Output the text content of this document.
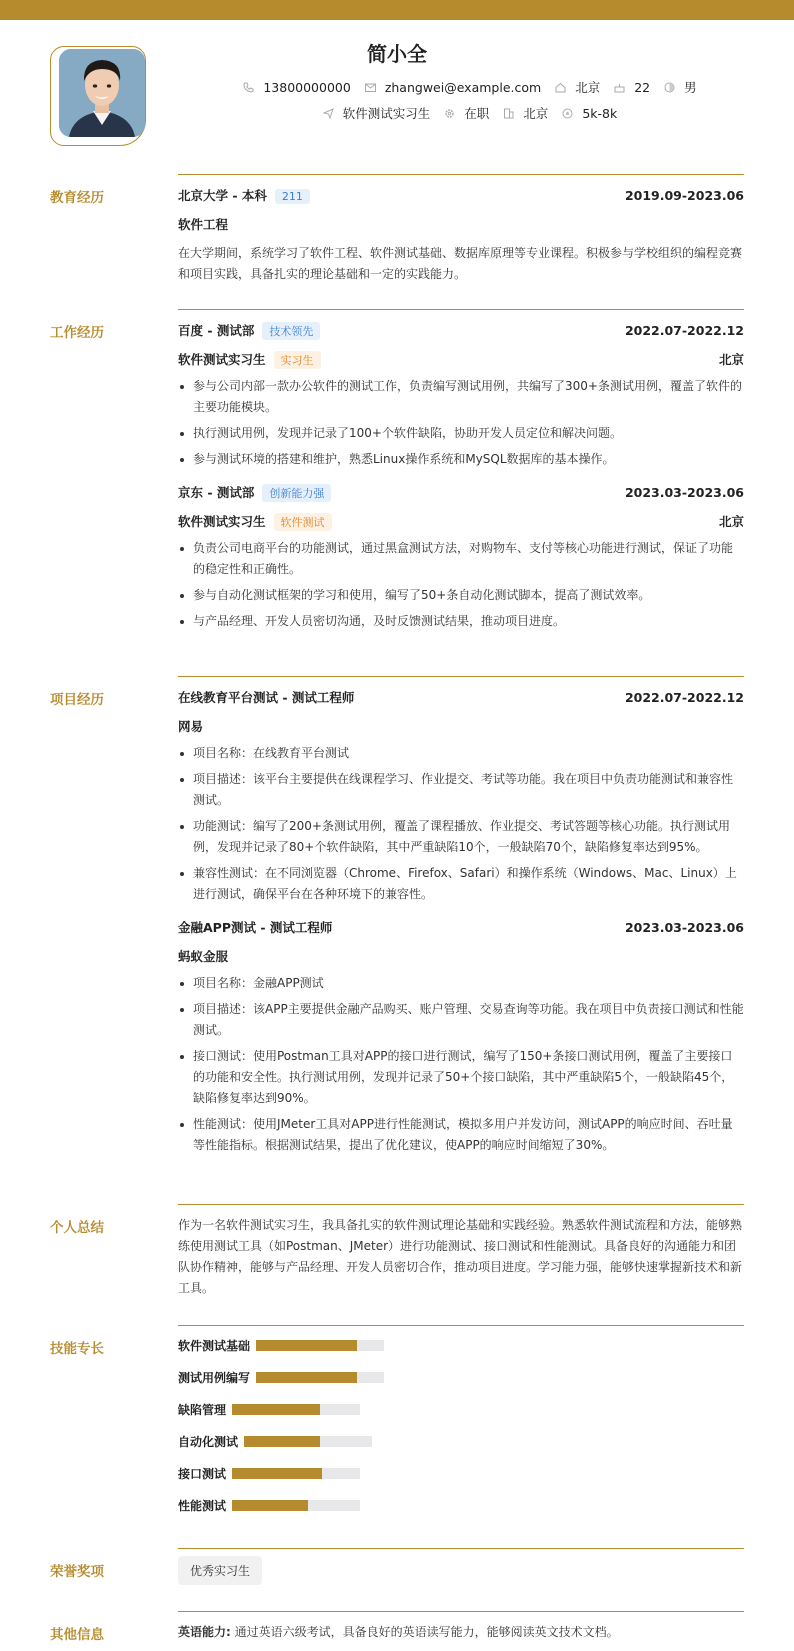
简小全
13800000000	zhangwei@example.com	北京	22	男
软件测试实习生	在职	北京	5k-8k
教育经历	北京大学 - 本科 211	2019.09-2023.06
软件工程
在大学期间，系统学习了软件工程、软件测试基础、数据库原理等专业课程。积极参与学校组织的编程竞赛和项目实践，具备扎实的理论基础和一定的实践能力。
工作经历	百度 - 测试部 技术领先	2022.07-2022.12
软件测试实习生 实习生	北京
参与公司内部一款办公软件的测试工作，负责编写测试用例，共编写了300+条测试用例，覆盖了软件的主要功能模块。
执行测试用例，发现并记录了100+个软件缺陷，协助开发人员定位和解决问题。
参与测试环境的搭建和维护，熟悉Linux操作系统和MySQL数据库的基本操作。
京东 - 测试部 创新能力强	2023.03-2023.06
软件测试实习生 软件测试	北京
负责公司电商平台的功能测试，通过黑盒测试方法，对购物车、支付等核心功能进行测试，保证了功能的稳定性和正确性。
参与自动化测试框架的学习和使用，编写了50+条自动化测试脚本，提高了测试效率。
与产品经理、开发人员密切沟通，及时反馈测试结果，推动项目进度。
项目经历	在线教育平台测试 - 测试工程师	2022.07-2022.12
网易
项目名称：在线教育平台测试
项目描述：该平台主要提供在线课程学习、作业提交、考试等功能。我在项目中负责功能测试和兼容性测试。
功能测试：编写了200+条测试用例，覆盖了课程播放、作业提交、考试答题等核心功能。执行测试用例，发现并记录了80+个软件缺陷，其中严重缺陷10个，一般缺陷70个，缺陷修复率达到95%。
兼容性测试：在不同浏览器（Chrome、Firefox、Safari）和操作系统（Windows、Mac、Linux）上进行测试，确保平台在各种环境下的兼容性。
金融APP测试 - 测试工程师	2023.03-2023.06
蚂蚁金服
项目名称：金融APP测试
项目描述：该APP主要提供金融产品购买、账户管理、交易查询等功能。我在项目中负责接口测试和性能测试。
接口测试：使用Postman工具对APP的接口进行测试，编写了150+条接口测试用例，覆盖了主要接口的功能和安全性。执行测试用例，发现并记录了50+个接口缺陷，其中严重缺陷5个，一般缺陷45个，缺陷修复率达到90%。
性能测试：使用JMeter工具对APP进行性能测试，模拟多用户并发访问，测试APP的响应时间、吞吐量等性能指标。根据测试结果，提出了优化建议，使APP的响应时间缩短了30%。
个人总结	作为一名软件测试实习生，我具备扎实的软件测试理论基础和实践经验。熟悉软件测试流程和方法，能够熟练使用测试工具（如Postman、JMeter）进行功能测试、接口测试和性能测试。具备良好的沟通能力和团队协作精神，能够与产品经理、开发人员密切合作，推动项目进度。学习能力强，能够快速掌握新技术和新工具。
技能专长	软件测试基础
测试用例编写
缺陷管理
自动化测试
接口测试
性能测试
荣誉奖项	优秀实习生
其他信息	英语能力: 通过英语六级考试，具备良好的英语读写能力，能够阅读英文技术文档。
